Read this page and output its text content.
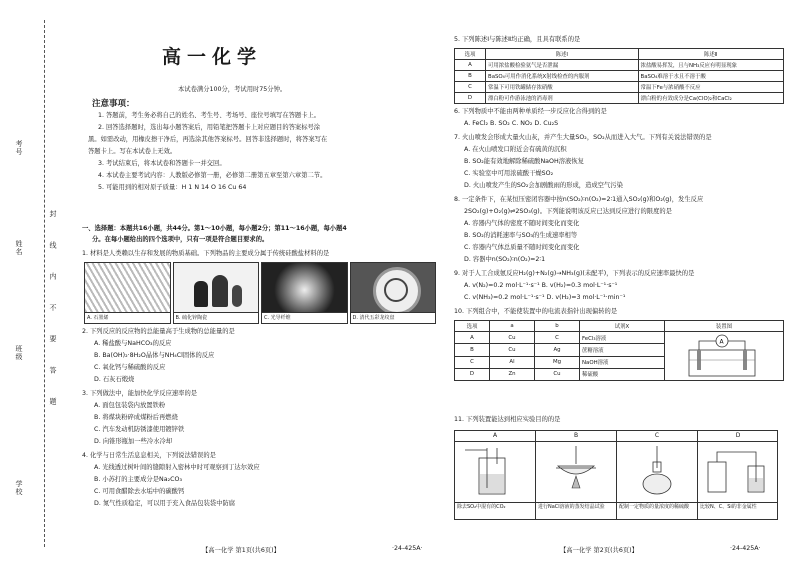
考号
姓名
班级
学校
封 线 内 不 要 答 题
高一化学
本试卷满分100分，考试用时75分钟。
注意事项：
1. 答题前，考生务必将自己的姓名、考生号、考场号、座位号填写在答题卡上。
2. 回答选择题时，选出每小题答案后，用铅笔把答题卡上对应题目的答案标号涂
黑。如需改动，用橡皮擦干净后，再选涂其他答案标号。回答非选择题时，将答案写在
答题卡上。写在本试卷上无效。
3. 考试结束后，将本试卷和答题卡一并交回。
4. 本试卷主要考试内容：人教版必修第一册，必修第二册第五章至第六章第二节。
5. 可能用到的相对原子质量：H 1 N 14 O 16 Cu 64
一、选择题：本题共16小题，共44分。第1～10小题，每小题2分；第11～16小题，每小题4
分。在每小题给出的四个选项中，只有一项是符合题目要求的。
1. 材料是人类赖以生存和发展的物质基础。下列物品的主要成分属于传统硅酸盐材料的是
A. 石墨烯	B. 硫化锌陶瓷	C. 光导纤维	D. 清代五彩龙纹盘
2. 下列反应的反应物的总能量高于生成物的总能量的是
A. 稀盐酸与NaHCO₃的反应
B. Ba(OH)₂·8H₂O晶体与NH₄Cl固体的反应
C. 氧化钙与稀硫酸的反应
D. 石灰石煅烧
3. 下列做法中，能加快化学反应速率的是
A. 面包包装袋内放置铁粉
B. 将煤块粉碎成煤粉后再燃烧
C. 汽车发动机防锈漆使用镀锌铁
D. 向锥形瓶加一些冷水冷却
4. 化学与日常生活息息相关，下列说法错误的是
A. 光线透过树叶间的缝隙射入密林中时可观察到丁达尔效应
B. 小苏打的主要成分是Na₂CO₃
C. 可用食醋除去水垢中的碳酸钙
D. 氮气性质稳定，可以用于充入食品包装袋中防腐
【高一化学 第1页(共6页)】	·24-425A·
5. 下列陈述Ⅰ与陈述Ⅱ均正确，且具有联系的是
选项	陈述Ⅰ	陈述Ⅱ
A	可用浓盐酸检验氨气是否泄漏	浓盐酸易挥发，且与NH₃反应有明显现象
B	BaSO₄可用作消化系统X射线检查的内服剂	BaSO₄难溶于水且不溶于酸
C	常温下可用铁罐储存浓硝酸	常温下Fe与浓硝酸不反应
D	漂白粉可作游泳池的消毒剂	漂白粉的有效成分是Ca(ClO)₂和CaCl₂
6. 下列物质中不能由两种单质经一步反应化合得到的是
A. FeCl₂ B. SO₂ C. NO₂ D. Cu₂S
7. 火山喷发会形成大量火山灰，并产生大量SO₂，SO₂从而进入大气。下列有关说法错误的是
A. 在火山喷发口附近会有硫黄的沉积
B. SO₂能有效地解除稀硫酸NaOH溶液恢复
C. 实验室中可用浓硫酸干燥SO₂
D. 火山喷发产生的SO₂会加剧酸雨的形成，造成空气污染
8. 一定条件下，在某恒压密闭容器中按n(SO₂)∶n(O₂)=2∶1通入SO₂(g)和O₂(g)，发生反应
2SO₂(g)+O₂(g)⇌2SO₃(g)。下列能说明该反应已达到反应进行的限度的是
A. 容器内气体的密度不随时间变化而变化
B. SO₂的消耗速率与SO₃的生成速率相等
C. 容器内气体总质量不随时间变化而变化
D. 容器中n(SO₂)∶n(O₂)=2∶1
9. 对于人工合成氨反应H₂(g)+N₂(g)→NH₃(g)(未配平)，下列表示的反应速率最快的是
A. v(N₂)=0.2 mol·L⁻¹·s⁻¹ B. v(H₂)=0.3 mol·L⁻¹·s⁻¹
C. v(NH₃)=0.2 mol·L⁻¹·s⁻¹ D. v(H₂)=3 mol·L⁻¹·min⁻¹
10. 下列组合中，不能使装置中的电流表指针出现偏转的是
选项	a	b	试剂X	装置图
A	Cu	C	FeCl₃溶液	A

B	Cu	Ag	蔗糖溶液	
C	Al	Mg	NaOH溶液	
D	Zn	Cu	稀硫酸	
11. 下列装置能达到相应实验目的的是
A
除去SO₂中混有的CO₂
B
进行NaCl溶液的蒸发结晶试验
C
配制一定物质的量浓度的稀硫酸
D
比较N、C、Si的非金属性
【高一化学 第2页(共6页)】	·24-425A·
